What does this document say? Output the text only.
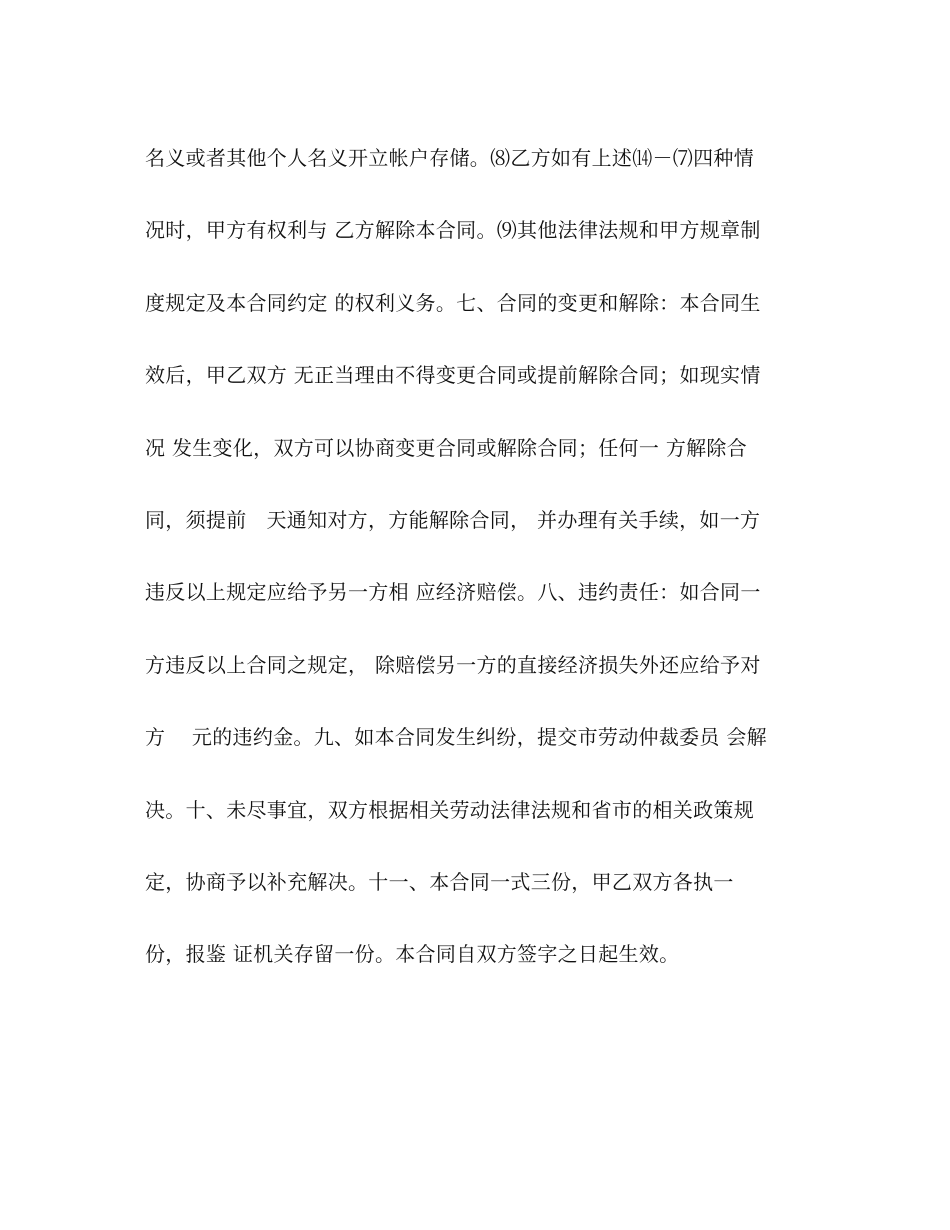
名义或者其他个人名义开立帐户存储。⑻乙方如有上述⒁－⑺四种情
况时，甲方有权利与 乙方解除本合同。⑼其他法律法规和甲方规章制
度规定及本合同约定 的权利义务。七、合同的变更和解除：本合同生
效后，甲乙双方 无正当理由不得变更合同或提前解除合同；如现实情
况 发生变化，双方可以协商变更合同或解除合同；任何一 方解除合
同，须提前   天通知对方，方能解除合同， 并办理有关手续，如一方
违反以上规定应给予另一方相 应经济赔偿。八、违约责任：如合同一
方违反以上合同之规定， 除赔偿另一方的直接经济损失外还应给予对
方    元的违约金。九、如本合同发生纠纷，提交市劳动仲裁委员 会解
决。十、未尽事宜，双方根据相关劳动法律法规和省市的相关政策规
定，协商予以补充解决。十一、本合同一式三份，甲乙双方各执一
份，报鉴 证机关存留一份。本合同自双方签字之日起生效。
